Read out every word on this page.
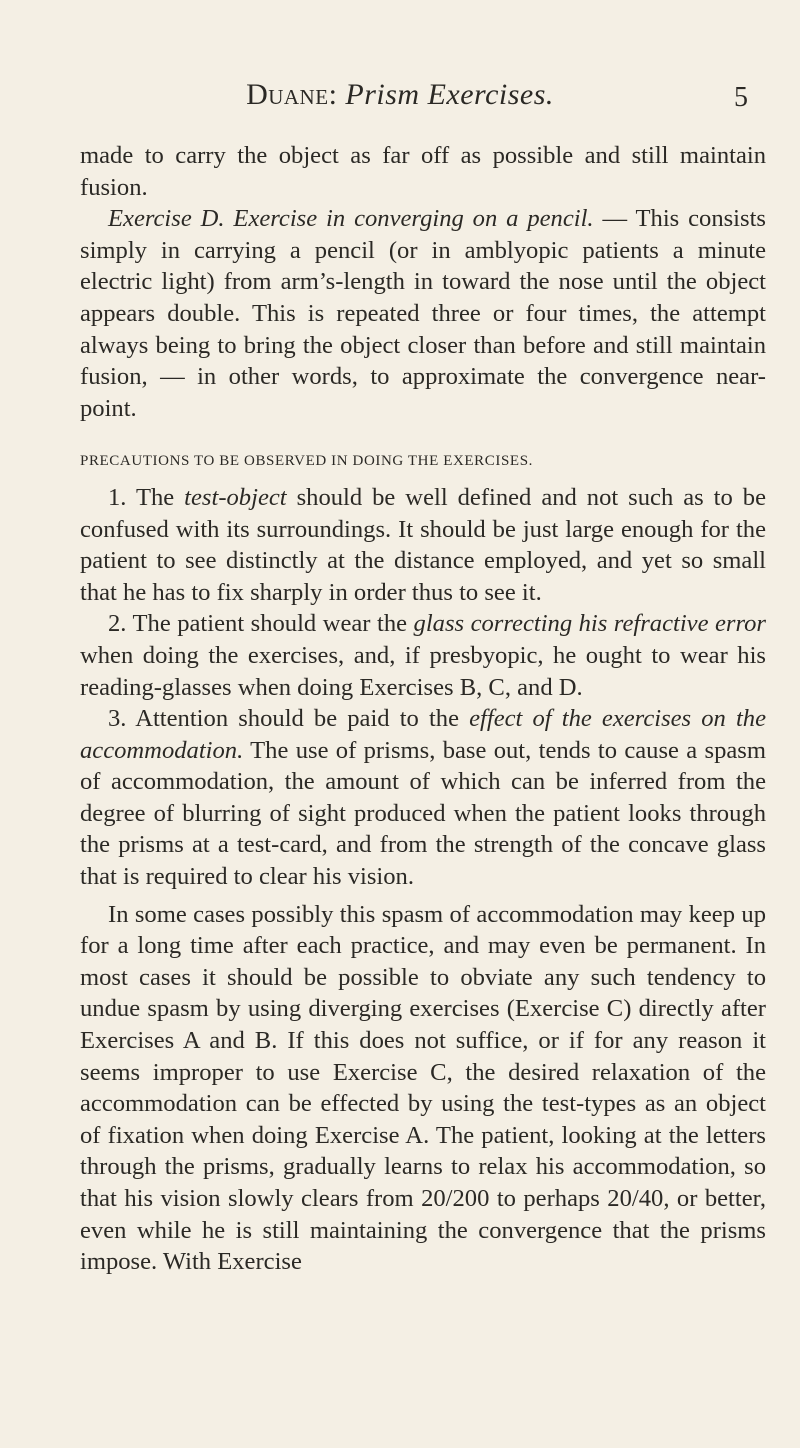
Duane: Prism Exercises.	5

made to carry the object as far off as possible and still maintain fusion.

Exercise D. Exercise in converging on a pencil. — This consists simply in carrying a pencil (or in amblyopic patients a minute electric light) from arm’s-length in toward the nose until the object appears double. This is repeated three or four times, the attempt always being to bring the object closer than before and still maintain fusion, — in other words, to approximate the convergence near-point.

PRECAUTIONS TO BE OBSERVED IN DOING THE EXERCISES.

1. The test-object should be well defined and not such as to be confused with its surroundings. It should be just large enough for the patient to see distinctly at the distance employed, and yet so small that he has to fix sharply in order thus to see it.

2. The patient should wear the glass correcting his refractive error when doing the exercises, and, if presbyopic, he ought to wear his reading-glasses when doing Exercises B, C, and D.

3. Attention should be paid to the effect of the exercises on the accommodation. The use of prisms, base out, tends to cause a spasm of accommodation, the amount of which can be inferred from the degree of blurring of sight produced when the patient looks through the prisms at a test-card, and from the strength of the concave glass that is required to clear his vision.

In some cases possibly this spasm of accommodation may keep up for a long time after each practice, and may even be permanent. In most cases it should be possible to obviate any such tendency to undue spasm by using diverging exercises (Exercise C) directly after Exercises A and B. If this does not suffice, or if for any reason it seems improper to use Exercise C, the desired relaxation of the accommodation can be effected by using the test-types as an object of fixation when doing Exercise A. The patient, looking at the letters through the prisms, gradually learns to relax his accommodation, so that his vision slowly clears from 20/200 to perhaps 20/40, or better, even while he is still maintaining the convergence that the prisms impose. With Exercise
